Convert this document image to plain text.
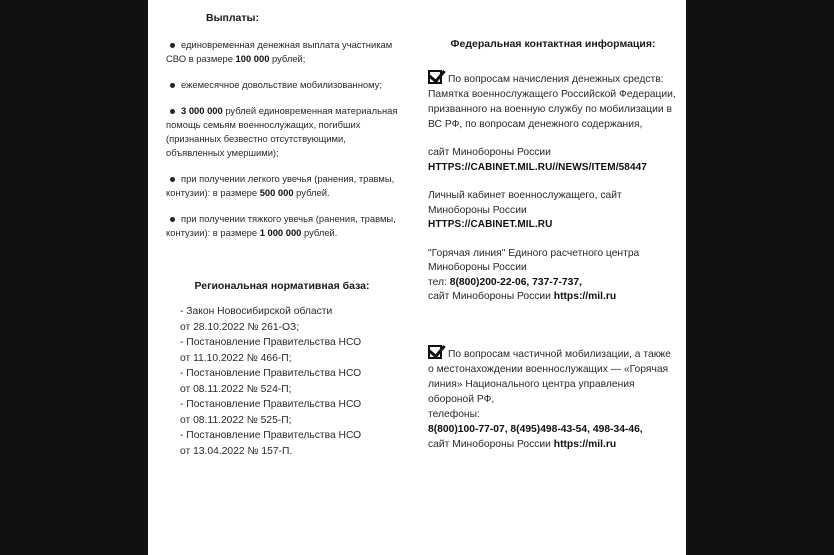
Выплаты:
единовременная денежная выплата участникам СВО в размере 100 000 рублей;
ежемесячное довольствие мобилизованному;
3 000 000 рублей единовременная материальная помощь семьям военнослужащих, погибших (признанных безвестно отсутствующими, объявленных умершими);
при получении легкого увечья (ранения, травмы, контузии): в размере 500 000 рублей.
при получении тяжкого увечья (ранения, травмы, контузии): в размере 1 000 000 рублей.
Региональная нормативная база:
- Закон Новосибирской области
от 28.10.2022 № 261-ОЗ;
- Постановление Правительства НСО
от 11.10.2022 № 466-П;
- Постановление Правительства НСО
от 08.11.2022 № 524-П;
- Постановление Правительства НСО
от 08.11.2022 № 525-П;
- Постановление Правительства НСО
от 13.04.2022 № 157-П.
Федеральная контактная информация:
По вопросам начисления денежных средств: Памятка военнослужащего Российской Федерации, призванного на военную службу по мобилизации в ВС РФ, по вопросам денежного содержания,
сайт Минобороны России
HTTPS://CABINET.MIL.RU//NEWS/ITEM/58447
Личный кабинет военнослужащего, сайт Минобороны России
HTTPS://CABINET.MIL.RU
"Горячая линия" Единого расчетного центра Минобороны России
тел: 8(800)200-22-06, 737-7-737,
сайт Минобороны России https://mil.ru
По вопросам частичной мобилизации, а также о местонахождении военнослужащих — «Горячая линия» Национального центра управления обороной РФ,
телефоны:
8(800)100-77-07, 8(495)498-43-54, 498-34-46,
сайт Минобороны России https://mil.ru
